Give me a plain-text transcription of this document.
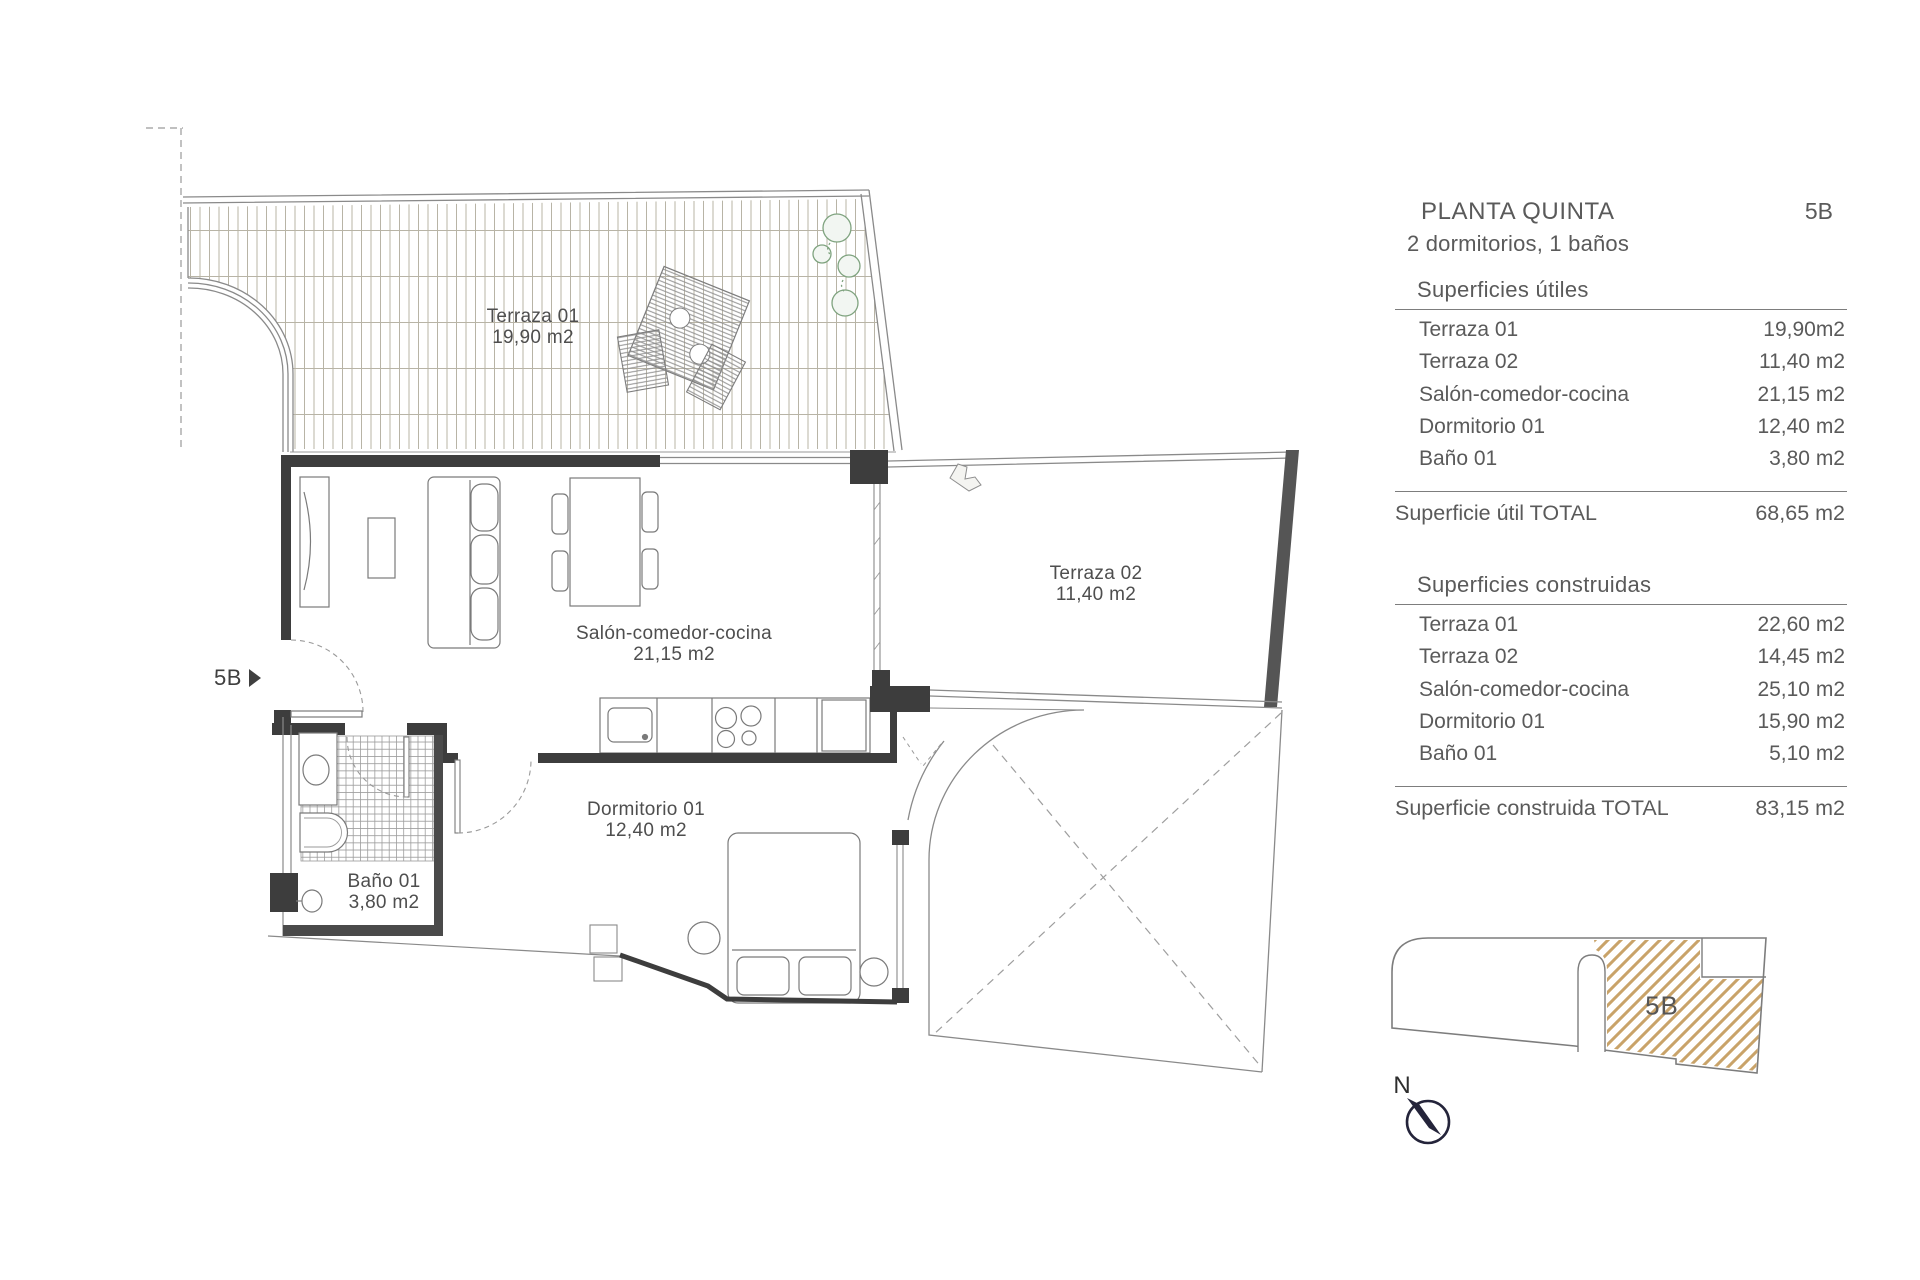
Terraza 01
19,90 m2
Terraza 02
11,40 m2
Salón-comedor-cocina
21,15 m2
Dormitorio 01
12,40 m2
Baño 01
3,80 m2
5B
5B
N
PLANTA QUINTA	5B
2 dormitorios, 1 baños
Superficies útiles
Terraza 01	19,90m2
Terraza 02	11,40 m2
Salón-comedor-cocina	21,15 m2
Dormitorio 01	12,40 m2
Baño 01	3,80 m2
Superficie útil TOTAL	68,65 m2
Superficies construidas
Terraza 01	22,60 m2
Terraza 02	14,45 m2
Salón-comedor-cocina	25,10 m2
Dormitorio 01	15,90 m2
Baño 01	5,10 m2
Superficie construida TOTAL	83,15 m2
